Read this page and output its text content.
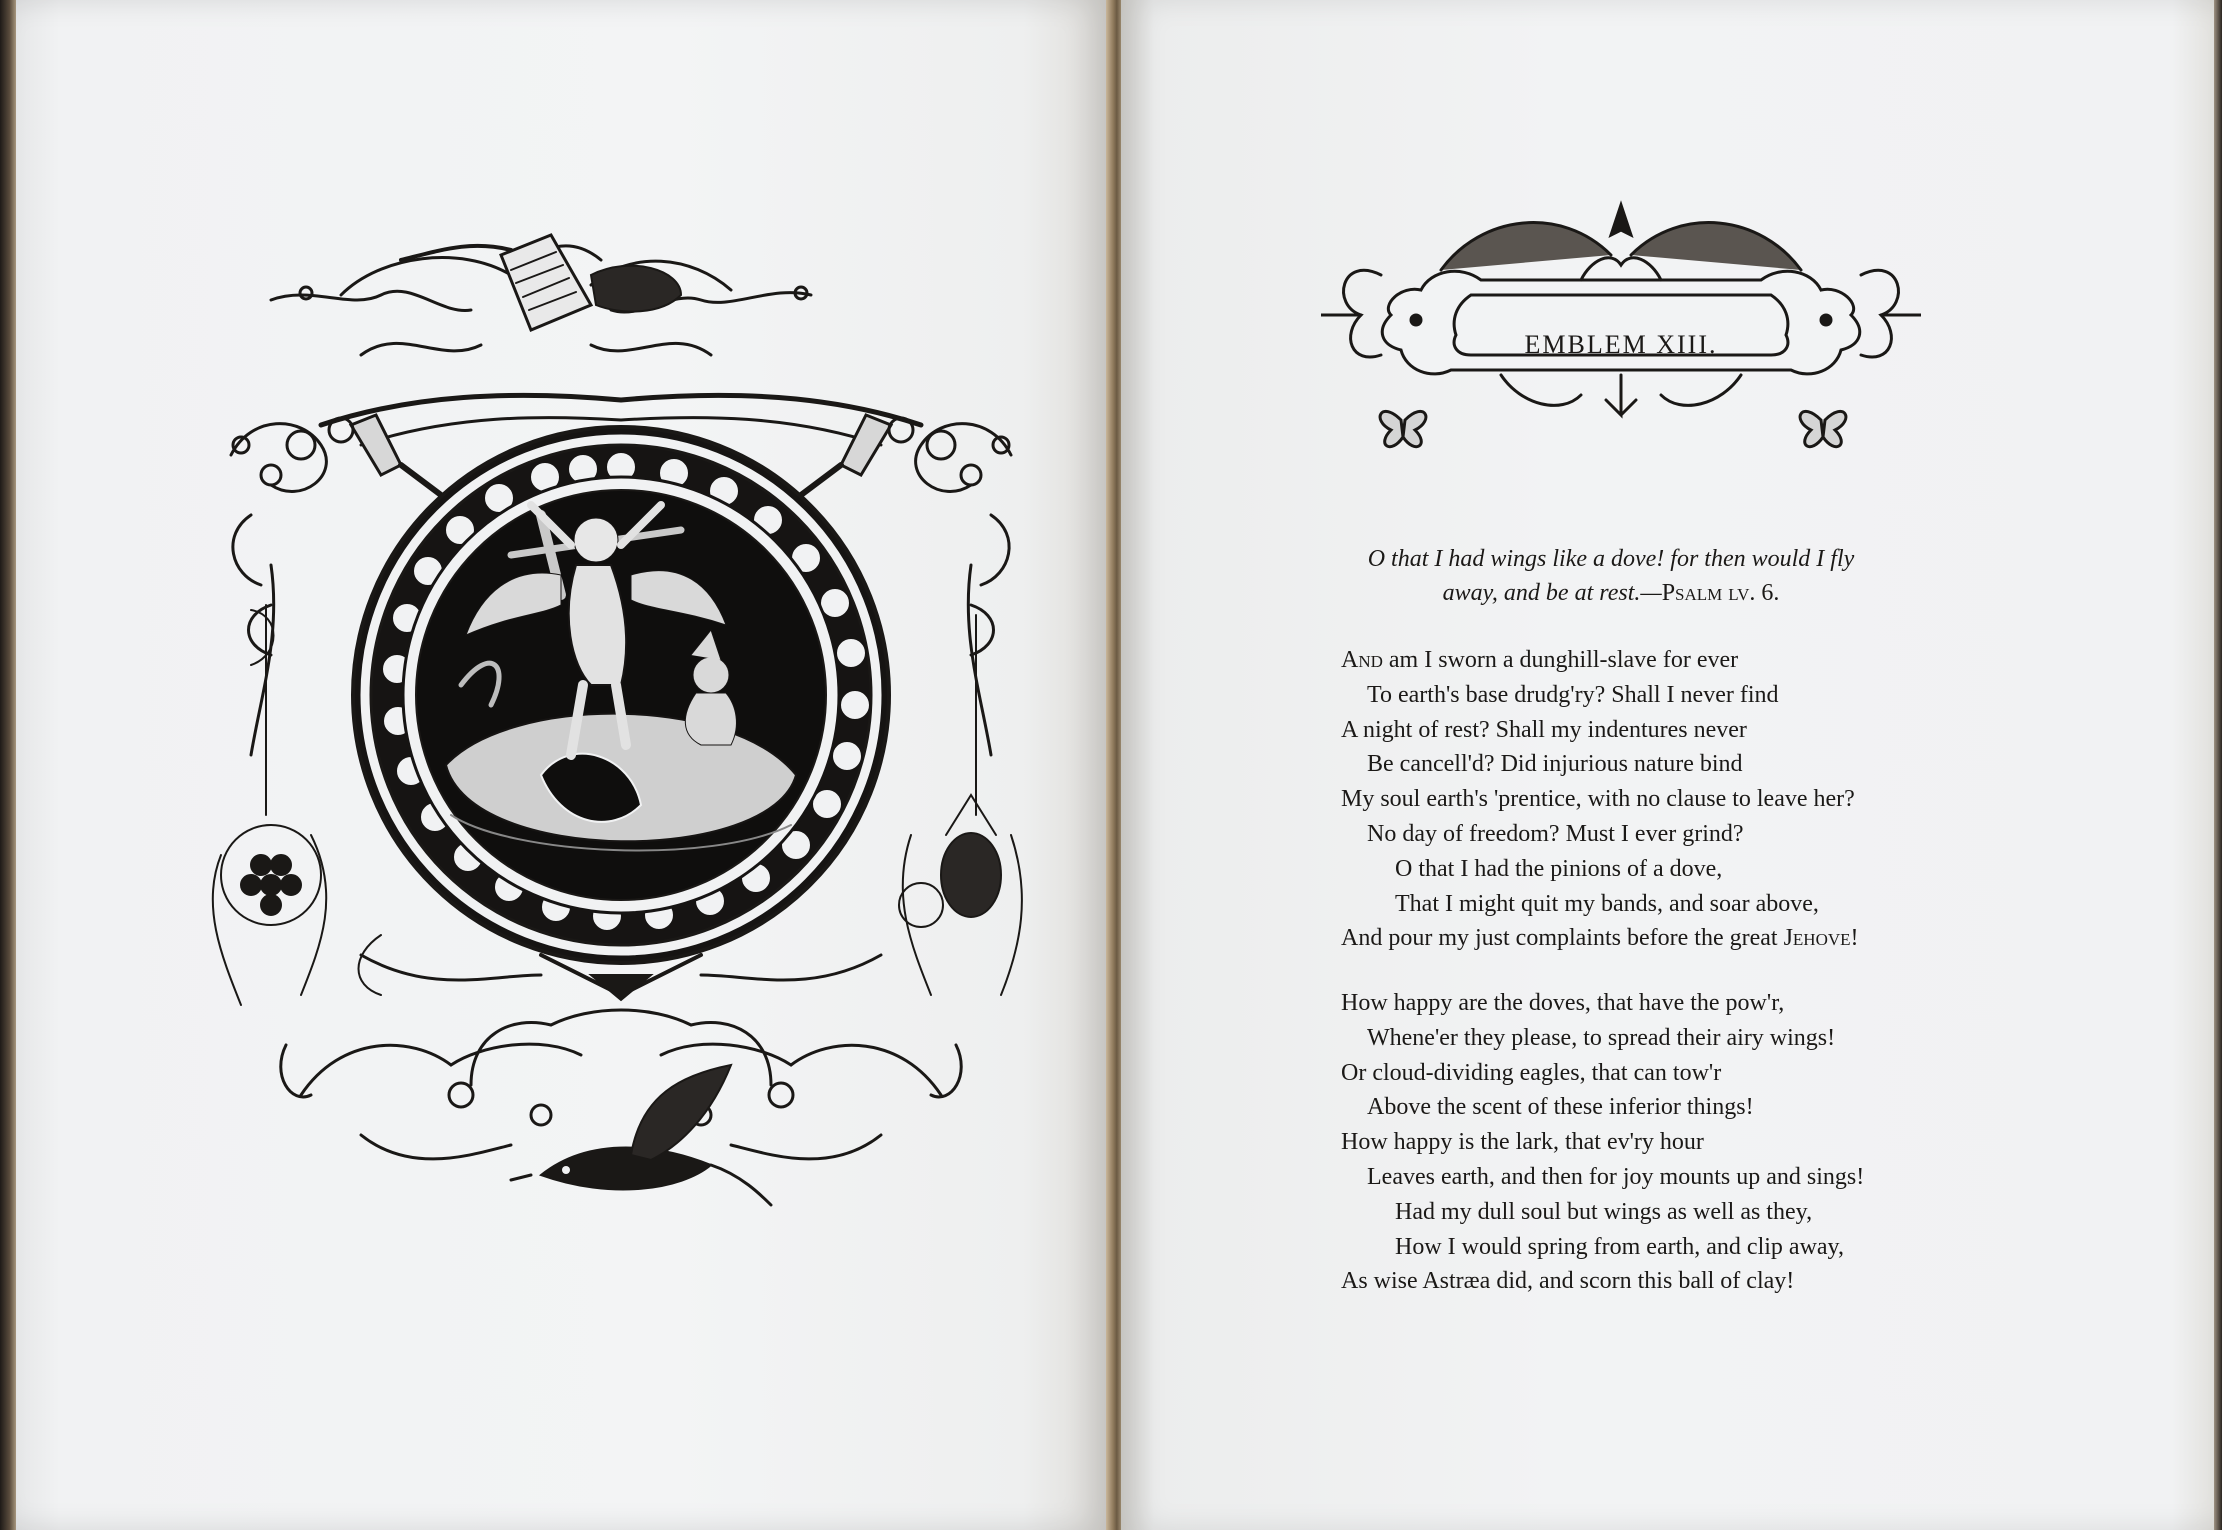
EMBLEM XIII.
O that I had wings like a dove! for then would I fly
away, and be at rest.—Psalm lv. 6.
And am I sworn a dunghill-slave for ever
To earth's base drudg'ry? Shall I never find
A night of rest? Shall my indentures never
Be cancell'd? Did injurious nature bind
My soul earth's 'prentice, with no clause to leave her?
No day of freedom? Must I ever grind?
O that I had the pinions of a dove,
That I might quit my bands, and soar above,
And pour my just complaints before the great Jehove!
How happy are the doves, that have the pow'r,
Whene'er they please, to spread their airy wings!
Or cloud-dividing eagles, that can tow'r
Above the scent of these inferior things!
How happy is the lark, that ev'ry hour
Leaves earth, and then for joy mounts up and sings!
Had my dull soul but wings as well as they,
How I would spring from earth, and clip away,
As wise Astræa did, and scorn this ball of clay!
